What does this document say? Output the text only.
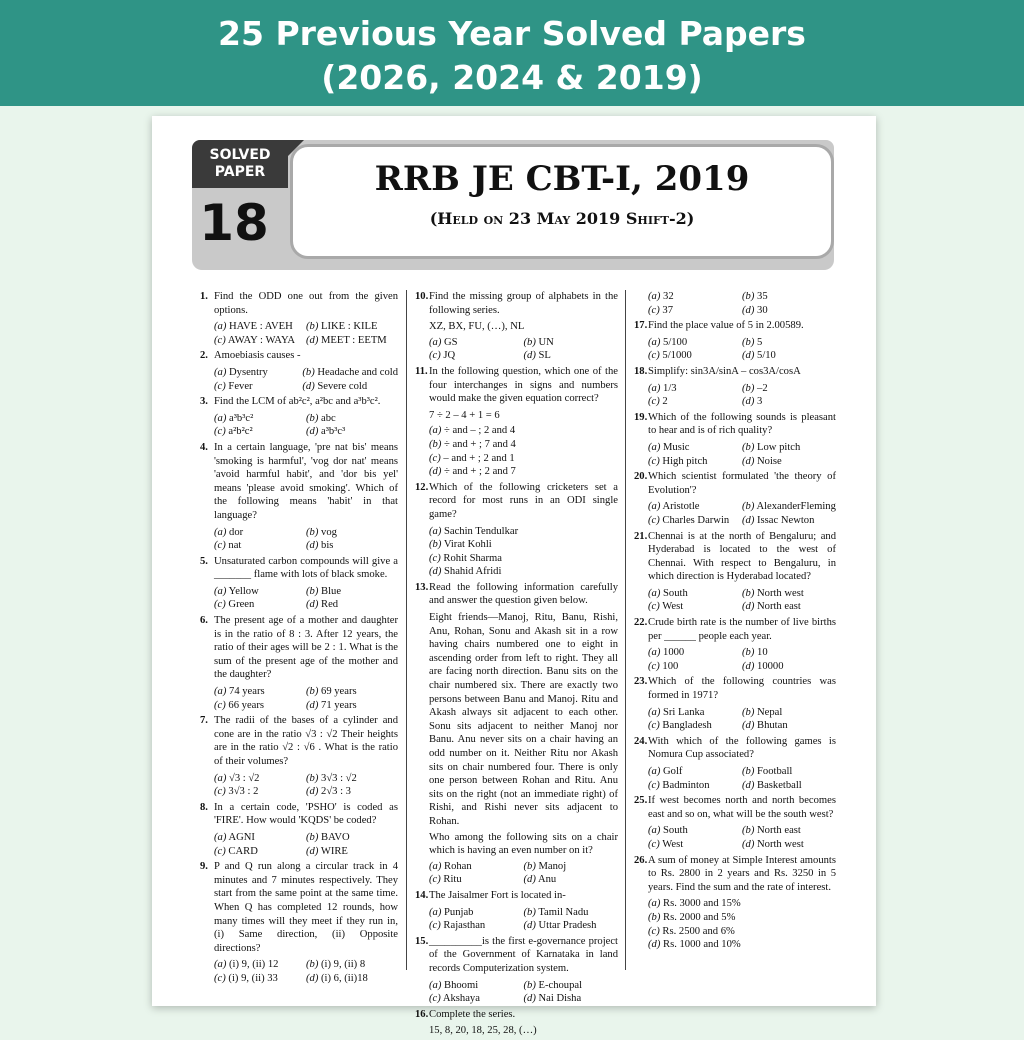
25 Previous Year Solved Papers
(2026, 2024 & 2019)
SOLVED
PAPER
18
RRB JE CBT-I, 2019
(Held on 23 May 2019 Shift-2)
1. Find the ODD one out from the given options.
(a) HAVE : AVEH	(b) LIKE : KILE
(c) AWAY : WAYA	(d) MEET : EETM
2. Amoebiasis causes -
(a) Dysentry	(b) Headache and cold
(c) Fever	(d) Severe cold
3. Find the LCM of ab²c², a²bc and a³b³c².
(a) a³b³c²	(b) abc
(c) a²b²c²	(d) a³b³c³
4. In a certain language, 'pre nat bis' means 'smoking is harmful', 'vog dor nat' means 'avoid harmful habit', and 'dor bis yel' means 'please avoid smoking'. Which of the following means 'habit' in that language?
(a) dor	(b) vog
(c) nat	(d) bis
5. Unsaturated carbon compounds will give a _______ flame with lots of black smoke.
(a) Yellow	(b) Blue
(c) Green	(d) Red
6. The present age of a mother and daughter is in the ratio of 8 : 3. After 12 years, the ratio of their ages will be 2 : 1. What is the sum of the present age of the mother and the daughter?
(a) 74 years	(b) 69 years
(c) 66 years	(d) 71 years
7. The radii of the bases of a cylinder and cone are in the ratio √3 : √2 Their heights are in the ratio √2 : √6 . What is the ratio of their volumes?
(a) √3 : √2	(b) 3√3 : √2
(c) 3√3 : 2	(d) 2√3 : 3
8. In a certain code, 'PSHO' is coded as 'FIRE'. How would 'KQDS' be coded?
(a) AGNI	(b) BAVO
(c) CARD	(d) WIRE
9. P and Q run along a circular track in 4 minutes and 7 minutes respectively. They start from the same point at the same time. When Q has completed 12 rounds, how many times will they meet if they run in, (i) Same direction, (ii) Opposite directions?
(a) (i) 9, (ii) 12	(b) (i) 9, (ii) 8
(c) (i) 9, (ii) 33	(d) (i) 6, (ii)18
10. Find the missing group of alphabets in the following series.
XZ, BX, FU, (…), NL
(a) GS	(b) UN
(c) JQ	(d) SL
11. In the following question, which one of the four interchanges in signs and numbers would make the given equation correct?
7 ÷ 2 – 4 + 1 = 6
(a) ÷ and – ; 2 and 4
(b) ÷ and + ; 7 and 4
(c) – and + ; 2 and 1
(d) ÷ and + ; 2 and 7
12. Which of the following cricketers set a record for most runs in an ODI single game?
(a) Sachin Tendulkar
(b) Virat Kohli
(c) Rohit Sharma
(d) Shahid Afridi
13. Read the following information carefully and answer the question given below.
Eight friends—Manoj, Ritu, Banu, Rishi, Anu, Rohan, Sonu and Akash sit in a row having chairs numbered one to eight in ascending order from left to right. They all are facing north direction. Banu sits on the chair numbered six. There are exactly two persons between Banu and Manoj. Ritu and Akash always sit adjacent to each other. Sonu sits adjacent to neither Manoj nor Banu. Anu never sits on a chair having an odd number on it. Neither Ritu nor Akash sits on chair numbered four. There is only one person between Rohan and Ritu. Anu sits on the right (not an immediate right) of Rishi, and Rishi never sits adjacent to Rohan.
Who among the following sits on a chair which is having an even number on it?
(a) Rohan	(b) Manoj
(c) Ritu	(d) Anu
14. The Jaisalmer Fort is located in-
(a) Punjab	(b) Tamil Nadu
(c) Rajasthan	(d) Uttar Pradesh
15. __________is the first e-governance project of the Government of Karnataka in land records Computerization system.
(a) Bhoomi	(b) E-choupal
(c) Akshaya	(d) Nai Disha
16. Complete the series.
15, 8, 20, 18, 25, 28, (…)
(a) 32	(b) 35
(c) 37	(d) 30
17. Find the place value of 5 in 2.00589.
(a) 5/100	(b) 5
(c) 5/1000	(d) 5/10
18. Simplify: sin3A/sinA – cos3A/cosA
(a) 1/3	(b) –2
(c) 2	(d) 3
19. Which of the following sounds is pleasant to hear and is of rich quality?
(a) Music	(b) Low pitch
(c) High pitch	(d) Noise
20. Which scientist formulated 'the theory of Evolution'?
(a) Aristotle	(b) AlexanderFleming
(c) Charles Darwin	(d) Issac Newton
21. Chennai is at the north of Bengaluru; and Hyderabad is located to the west of Chennai. With respect to Bengaluru, in which direction is Hyderabad located?
(a) South	(b) North west
(c) West	(d) North east
22. Crude birth rate is the number of live births per ______ people each year.
(a) 1000	(b) 10
(c) 100	(d) 10000
23. Which of the following countries was formed in 1971?
(a) Sri Lanka	(b) Nepal
(c) Bangladesh	(d) Bhutan
24. With which of the following games is Nomura Cup associated?
(a) Golf	(b) Football
(c) Badminton	(d) Basketball
25. If west becomes north and north becomes east and so on, what will be the south west?
(a) South	(b) North east
(c) West	(d) North west
26. A sum of money at Simple Interest amounts to Rs. 2800 in 2 years and Rs. 3250 in 5 years. Find the sum and the rate of interest.
(a) Rs. 3000 and 15%
(b) Rs. 2000 and 5%
(c) Rs. 2500 and 6%
(d) Rs. 1000 and 10%
